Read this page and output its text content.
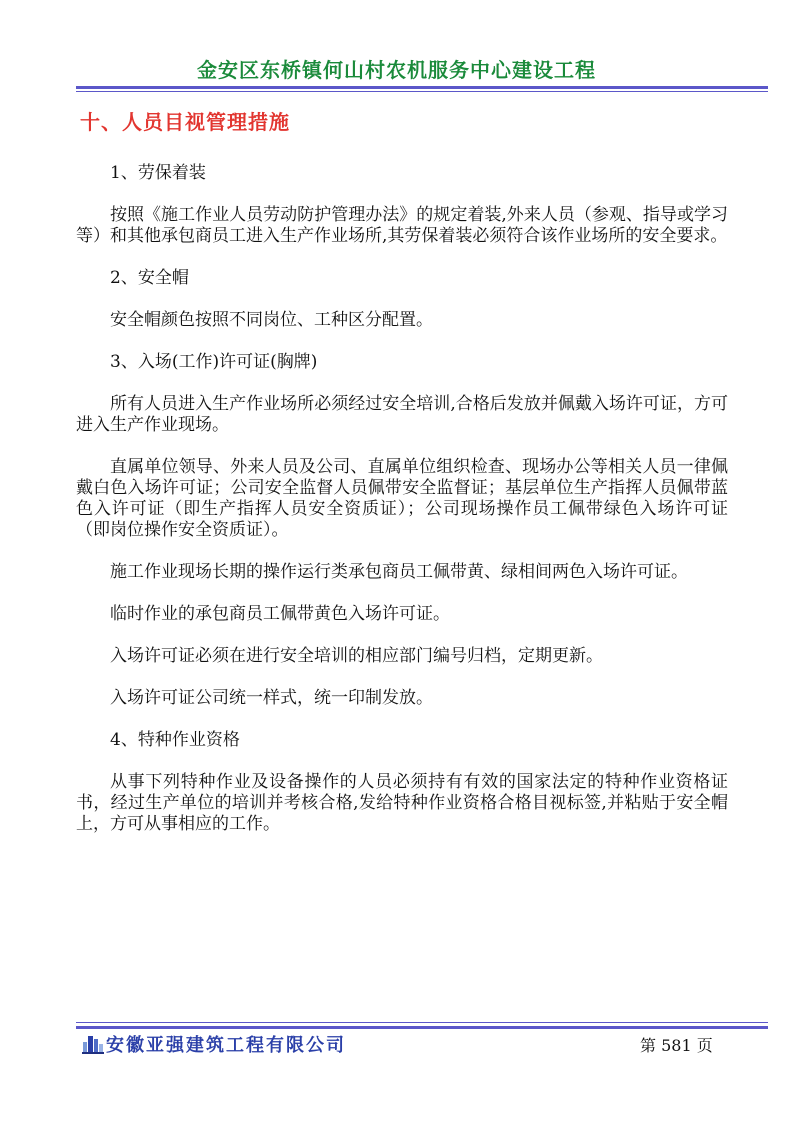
金安区东桥镇何山村农机服务中心建设工程
十、人员目视管理措施

1、劳保着装

按照《施工作业人员劳动防护管理办法》的规定着装,外来人员（参观、指导或学习等）和其他承包商员工进入生产作业场所,其劳保着装必须符合该作业场所的安全要求。

2、安全帽

安全帽颜色按照不同岗位、工种区分配置。

3、入场(工作)许可证(胸牌)

所有人员进入生产作业场所必须经过安全培训,合格后发放并佩戴入场许可证，方可进入生产作业现场。

直属单位领导、外来人员及公司、直属单位组织检查、现场办公等相关人员一律佩戴白色入场许可证；公司安全监督人员佩带安全监督证；基层单位生产指挥人员佩带蓝色入许可证（即生产指挥人员安全资质证）；公司现场操作员工佩带绿色入场许可证（即岗位操作安全资质证）。

施工作业现场长期的操作运行类承包商员工佩带黄、绿相间两色入场许可证。

临时作业的承包商员工佩带黄色入场许可证。

入场许可证必须在进行安全培训的相应部门编号归档，定期更新。

入场许可证公司统一样式，统一印制发放。

4、特种作业资格

从事下列特种作业及设备操作的人员必须持有有效的国家法定的特种作业资格证书，经过生产单位的培训并考核合格,发给特种作业资格合格目视标签,并粘贴于安全帽上，方可从事相应的工作。

安徽亚强建筑工程有限公司	第 581 页
